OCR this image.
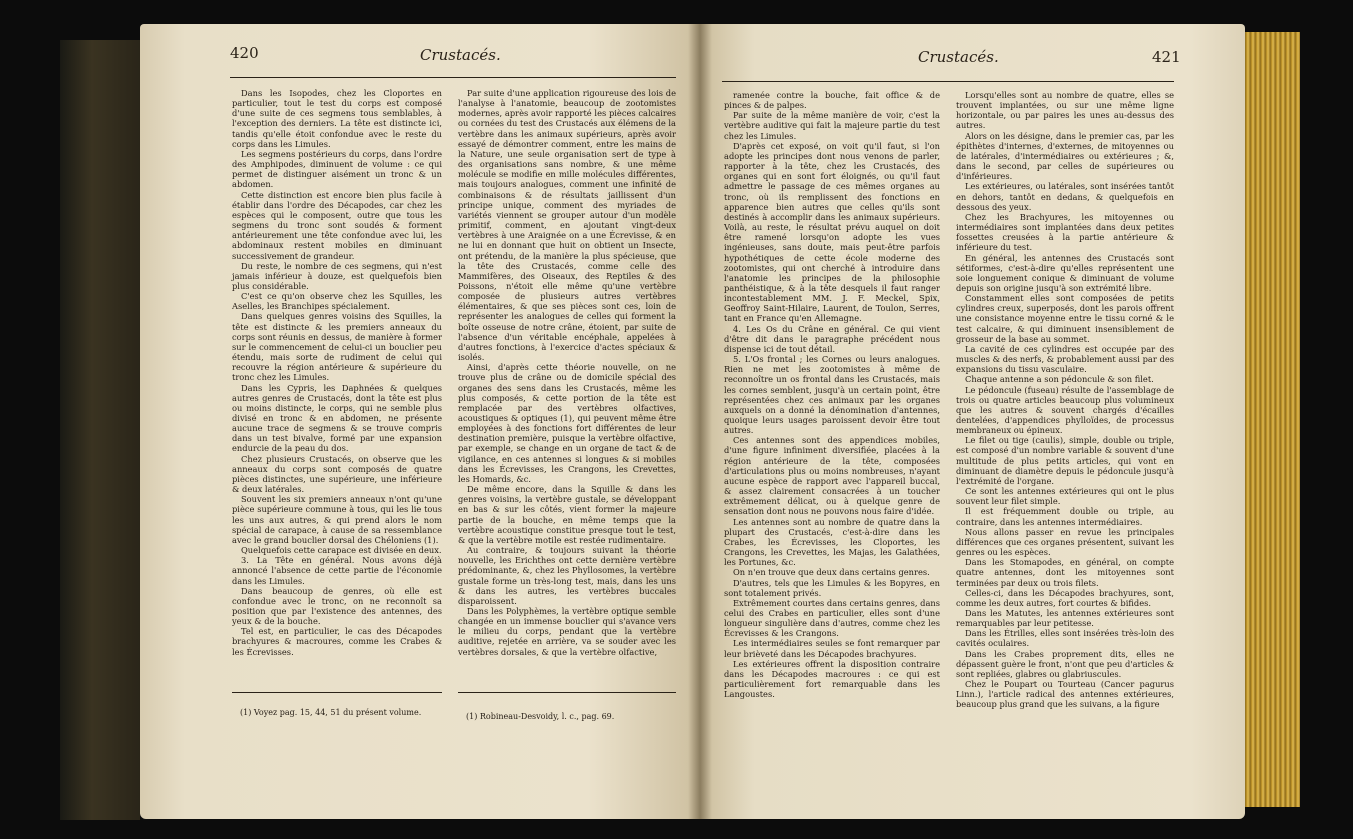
420	Crustacés.

Dans les Isopodes, chez les Cloportes en particulier, tout le test du corps est composé d'une suite de ces segmens tous semblables, à l'exception des derniers. La tête est distincte ici, tandis qu'elle étoit confondue avec le reste du corps dans les Limules.

Les segmens postérieurs du corps, dans l'ordre des Amphipodes, diminuent de volume : ce qui permet de distinguer aisément un tronc & un abdomen.

Cette distinction est encore bien plus facile à établir dans l'ordre des Décapodes, car chez les espèces qui le composent, outre que tous les segmens du tronc sont soudés & forment antérieurement une tête confondue avec lui, les abdominaux restent mobiles en diminuant successivement de grandeur.

Du reste, le nombre de ces segmens, qui n'est jamais inférieur à douze, est quelquefois bien plus considérable.

C'est ce qu'on observe chez les Squilles, les Aselles, les Branchipes spécialement.

Dans quelques genres voisins des Squilles, la tête est distincte & les premiers anneaux du corps sont réunis en dessus, de manière à former sur le commencement de celui-ci un bouclier peu étendu, mais sorte de rudiment de celui qui recouvre la région antérieure & supérieure du tronc chez les Limules.

Dans les Cypris, les Daphnées & quelques autres genres de Crustacés, dont la tête est plus ou moins distincte, le corps, qui ne semble plus divisé en tronc & en abdomen, ne présente aucune trace de segmens & se trouve compris dans un test bivalve, formé par une expansion endurcie de la peau du dos.

Chez plusieurs Crustacés, on observe que les anneaux du corps sont composés de quatre pièces distinctes, une supérieure, une inférieure & deux latérales.

Souvent les six premiers anneaux n'ont qu'une pièce supérieure commune à tous, qui les lie tous les uns aux autres, & qui prend alors le nom spécial de carapace, à cause de sa ressemblance avec le grand bouclier dorsal des Chéloniens (1).

Quelquefois cette carapace est divisée en deux.

3. La Tête en général. Nous avons déjà annoncé l'absence de cette partie de l'économie dans les Limules.

Dans beaucoup de genres, où elle est confondue avec le tronc, on ne reconnoît sa position que par l'existence des antennes, des yeux & de la bouche.

Tel est, en particulier, le cas des Décapodes brachyures & macroures, comme les Crabes & les Écrevisses.

Par suite d'une application rigoureuse des lois de l'analyse à l'anatomie, beaucoup de zootomistes modernes, après avoir rapporté les pièces calcaires ou cornées du test des Crustacés aux élémens de la vertèbre dans les animaux supérieurs, après avoir essayé de démontrer comment, entre les mains de la Nature, une seule organisation sert de type à des organisations sans nombre, & une même molécule se modifie en mille molécules différentes, mais toujours analogues, comment une infinité de combinaisons & de résultats jaillissent d'un principe unique, comment des myriades de variétés viennent se grouper autour d'un modèle primitif, comment, en ajoutant vingt-deux vertèbres à une Araignée on a une Écrevisse, & en ne lui en donnant que huit on obtient un Insecte, ont prétendu, de la manière la plus spécieuse, que la tête des Crustacés, comme celle des Mammifères, des Oiseaux, des Reptiles & des Poissons, n'étoit elle même qu'une vertèbre composée de plusieurs autres vertèbres élémentaires, & que ses pièces sont ces, loin de représenter les analogues de celles qui forment la boîte osseuse de notre crâne, étoient, par suite de l'absence d'un véritable encéphale, appelées à d'autres fonctions, à l'exercice d'actes spéciaux & isolés.

Ainsi, d'après cette théorie nouvelle, on ne trouve plus de crâne ou de domicile spécial des organes des sens dans les Crustacés, même les plus composés, & cette portion de la tête est remplacée par des vertèbres olfactives, acoustiques & optiques (1), qui peuvent même être employées à des fonctions fort différentes de leur destination première, puisque la vertèbre olfactive, par exemple, se change en un organe de tact & de vigilance, en ces antennes si longues & si mobiles dans les Écrevisses, les Crangons, les Crevettes, les Homards, &c.

De même encore, dans la Squille & dans les genres voisins, la vertèbre gustale, se développant en bas & sur les côtés, vient former la majeure partie de la bouche, en même temps que la vertèbre acoustique constitue presque tout le test, & que la vertèbre motile est restée rudimentaire.

Au contraire, & toujours suivant la théorie nouvelle, les Erichthes ont cette dernière vertèbre prédominante, &, chez les Phyllosomes, la vertèbre gustale forme un très-long test, mais, dans les uns & dans les autres, les vertèbres buccales disparoissent.

Dans les Polyphèmes, la vertèbre optique semble changée en un immense bouclier qui s'avance vers le milieu du corps, pendant que la vertèbre auditive, rejetée en arrière, va se souder avec les vertèbres dorsales, & que la vertèbre olfactive,

(1) Voyez pag. 15, 44, 51 du présent volume.	(1) Robineau-Desvoidy, l. c., pag. 69.
Crustacés.	421

ramenée contre la bouche, fait office & de pinces & de palpes.

Par suite de la même manière de voir, c'est la vertèbre auditive qui fait la majeure partie du test chez les Limules.

D'après cet exposé, on voit qu'il faut, si l'on adopte les principes dont nous venons de parler, rapporter à la tête, chez les Crustacés, des organes qui en sont fort éloignés, ou qu'il faut admettre le passage de ces mêmes organes au tronc, où ils remplissent des fonctions en apparence bien autres que celles qu'ils sont destinés à accomplir dans les animaux supérieurs. Voilà, au reste, le résultat prévu auquel on doit être ramené lorsqu'on adopte les vues ingénieuses, sans doute, mais peut-être parfois hypothétiques de cette école moderne des zootomistes, qui ont cherché à introduire dans l'anatomie les principes de la philosophie panthéistique, & à la tête desquels il faut ranger incontestablement MM. J. F. Meckel, Spix, Geoffroy Saint-Hilaire, Laurent, de Toulon, Serres, tant en France qu'en Allemagne.

4. Les Os du Crâne en général. Ce qui vient d'être dit dans le paragraphe précédent nous dispense ici de tout détail.

5. L'Os frontal ; les Cornes ou leurs analogues. Rien ne met les zootomistes à même de reconnoître un os frontal dans les Crustacés, mais les cornes semblent, jusqu'à un certain point, être représentées chez ces animaux par les organes auxquels on a donné la dénomination d'antennes, quoique leurs usages paroissent devoir être tout autres.

Ces antennes sont des appendices mobiles, d'une figure infiniment diversifiée, placées à la région antérieure de la tête, composées d'articulations plus ou moins nombreuses, n'ayant aucune espèce de rapport avec l'appareil buccal, & assez clairement consacrées à un toucher extrêmement délicat, ou à quelque genre de sensation dont nous ne pouvons nous faire d'idée.

Les antennes sont au nombre de quatre dans la plupart des Crustacés, c'est-à-dire dans les Crabes, les Écrevisses, les Cloportes, les Crangons, les Crevettes, les Majas, les Galathées, les Portunes, &c.

On n'en trouve que deux dans certains genres.

D'autres, tels que les Limules & les Bopyres, en sont totalement privés.

Extrêmement courtes dans certains genres, dans celui des Crabes en particulier, elles sont d'une longueur singulière dans d'autres, comme chez les Écrevisses & les Crangons.

Les intermédiaires seules se font remarquer par leur brièveté dans les Décapodes brachyures.

Les extérieures offrent la disposition contraire dans les Décapodes macroures : ce qui est particulièrement fort remarquable dans les Langoustes.

Lorsqu'elles sont au nombre de quatre, elles se trouvent implantées, ou sur une même ligne horizontale, ou par paires les unes au-dessus des autres.

Alors on les désigne, dans le premier cas, par les épithètes d'internes, d'externes, de mitoyennes ou de latérales, d'intermédiaires ou extérieures ; &, dans le second, par celles de supérieures ou d'inférieures.

Les extérieures, ou latérales, sont insérées tantôt en dehors, tantôt en dedans, & quelquefois en dessous des yeux.

Chez les Brachyures, les mitoyennes ou intermédiaires sont implantées dans deux petites fossettes creusées à la partie antérieure & inférieure du test.

En général, les antennes des Crustacés sont sétiformes, c'est-à-dire qu'elles représentent une soie longuement conique & diminuant de volume depuis son origine jusqu'à son extrémité libre.

Constamment elles sont composées de petits cylindres creux, superposés, dont les parois offrent une consistance moyenne entre le tissu corné & le test calcaire, & qui diminuent insensiblement de grosseur de la base au sommet.

La cavité de ces cylindres est occupée par des muscles & des nerfs, & probablement aussi par des expansions du tissu vasculaire.

Chaque antenne a son pédoncule & son filet.

Le pédoncule (fuseau) résulte de l'assemblage de trois ou quatre articles beaucoup plus volumineux que les autres & souvent chargés d'écailles dentelées, d'appendices phylloïdes, de processus membraneux ou épineux.

Le filet ou tige (caulis), simple, double ou triple, est composé d'un nombre variable & souvent d'une multitude de plus petits articles, qui vont en diminuant de diamètre depuis le pédoncule jusqu'à l'extrémité de l'organe.

Ce sont les antennes extérieures qui ont le plus souvent leur filet simple.

Il est fréquemment double ou triple, au contraire, dans les antennes intermédiaires.

Nous allons passer en revue les principales différences que ces organes présentent, suivant les genres ou les espèces.

Dans les Stomapodes, en général, on compte quatre antennes, dont les mitoyennes sont terminées par deux ou trois filets.

Celles-ci, dans les Décapodes brachyures, sont, comme les deux autres, fort courtes & bifides.

Dans les Matutes, les antennes extérieures sont remarquables par leur petitesse.

Dans les Étrilles, elles sont insérées très-loin des cavités oculaires.

Dans les Crabes proprement dits, elles ne dépassent guère le front, n'ont que peu d'articles & sont repliées, glabres ou glabriuscules.

Chez le Poupart ou Tourteau (Cancer pagurus Linn.), l'article radical des antennes extérieures, beaucoup plus grand que les suivans, a la figure
